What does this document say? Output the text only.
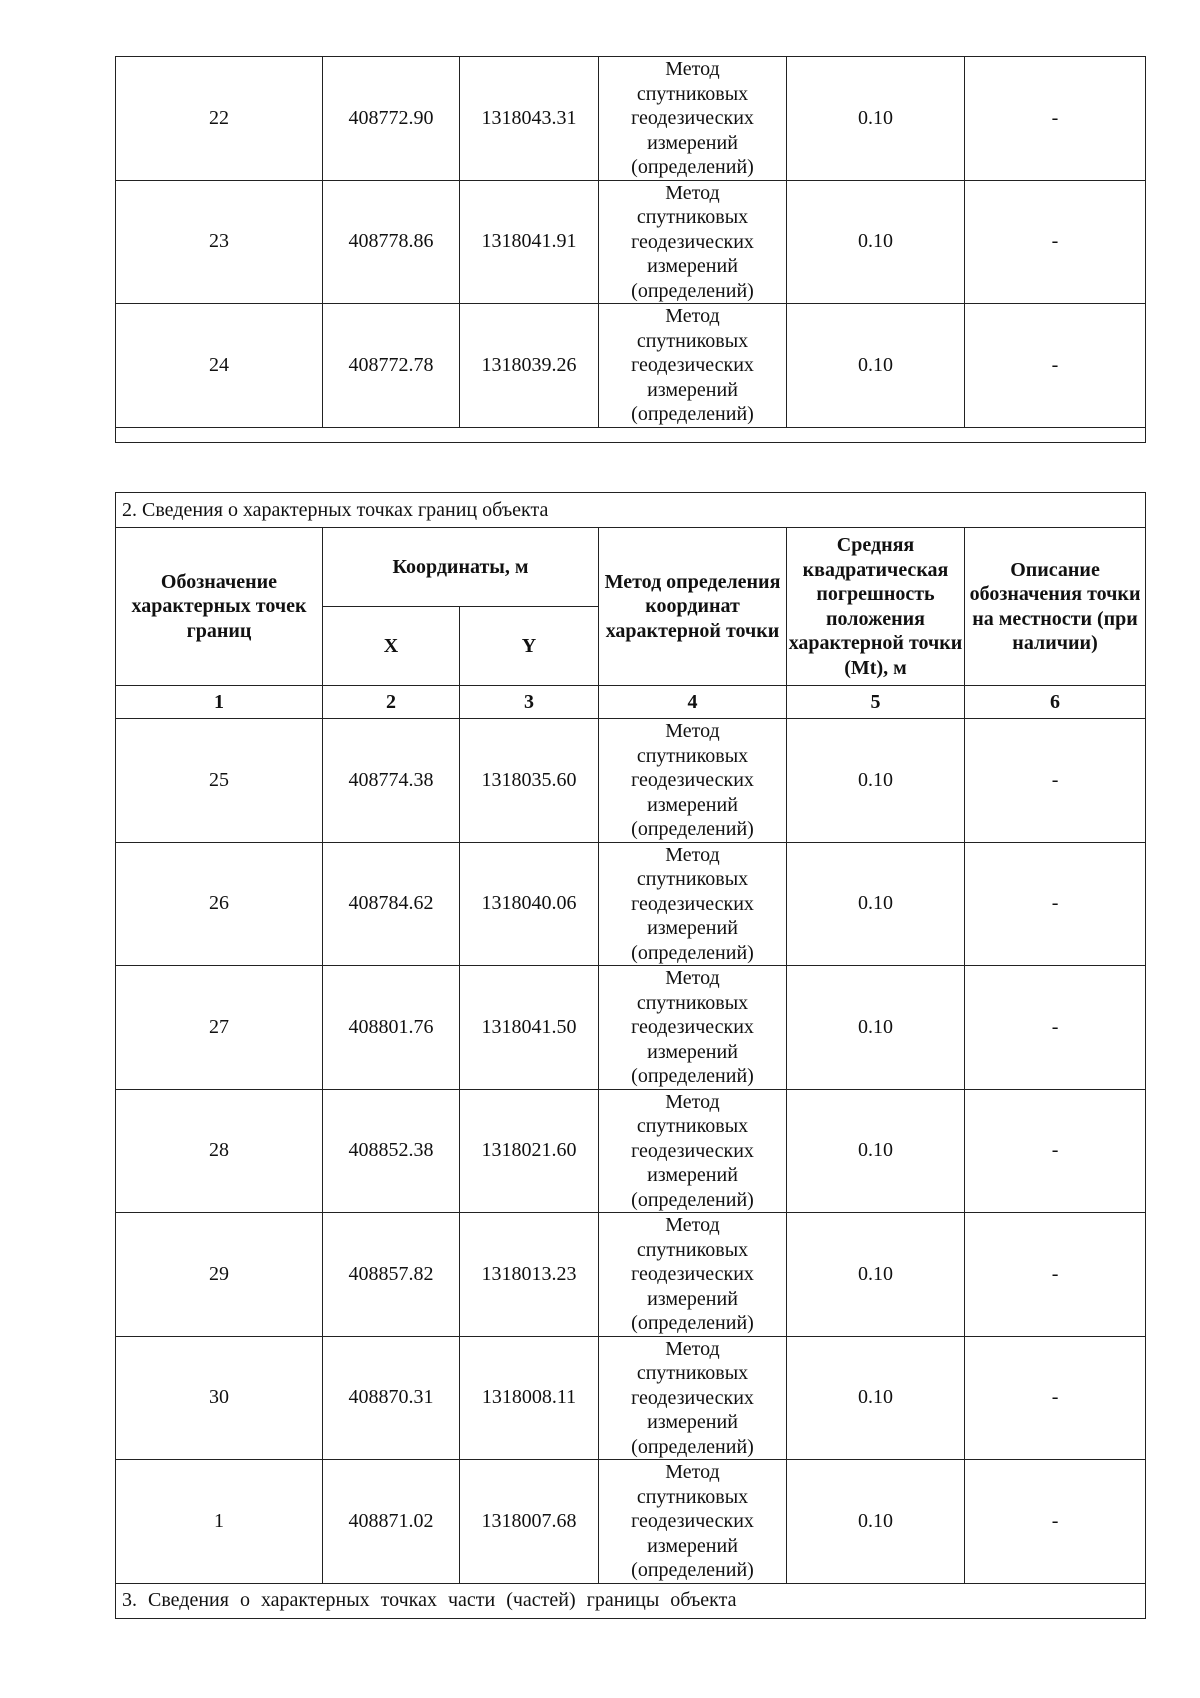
22	408772.90	1318043.31	Метод
спутниковых
геодезических
измерений
(определений)	0.10	-
23	408778.86	1318041.91	Метод
спутниковых
геодезических
измерений
(определений)	0.10	-
24	408772.78	1318039.26	Метод
спутниковых
геодезических
измерений
(определений)	0.10	-

2. Сведения о характерных точках границ объекта					
Обозначение характерных точек границ	Координаты, м		Метод определения координат характерной точки	Средняя квадратическая погрешность положения характерной точки (Mt), м	Описание обозначения точки на местности (при наличии)
	X	Y			
1	2	3	4	5	6
25	408774.38	1318035.60	Метод
спутниковых
геодезических
измерений
(определений)	0.10	-
26	408784.62	1318040.06	Метод
спутниковых
геодезических
измерений
(определений)	0.10	-
27	408801.76	1318041.50	Метод
спутниковых
геодезических
измерений
(определений)	0.10	-
28	408852.38	1318021.60	Метод
спутниковых
геодезических
измерений
(определений)	0.10	-
29	408857.82	1318013.23	Метод
спутниковых
геодезических
измерений
(определений)	0.10	-
30	408870.31	1318008.11	Метод
спутниковых
геодезических
измерений
(определений)	0.10	-
1	408871.02	1318007.68	Метод
спутниковых
геодезических
измерений
(определений)	0.10	-
3. Сведения о характерных точках части (частей) границы объекта					
